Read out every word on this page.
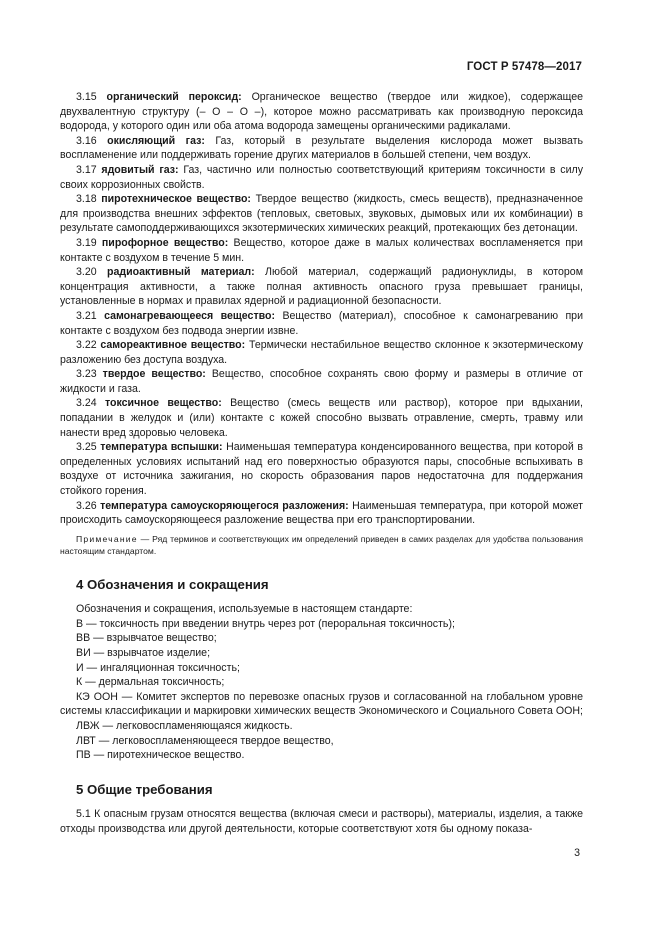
ГОСТ Р 57478—2017

3.15 органический пероксид: Органическое вещество (твердое или жидкое), содержащее двухвалентную структуру (– O – O –), которое можно рассматривать как производную пероксида водорода, у которого один или оба атома водорода замещены органическими радикалами.

3.16 окисляющий газ: Газ, который в результате выделения кислорода может вызвать воспламенение или поддерживать горение других материалов в большей степени, чем воздух.

3.17 ядовитый газ: Газ, частично или полностью соответствующий критериям токсичности в силу своих коррозионных свойств.

3.18 пиротехническое вещество: Твердое вещество (жидкость, смесь веществ), предназначенное для производства внешних эффектов (тепловых, световых, звуковых, дымовых или их комбинации) в результате самоподдерживающихся экзотермических химических реакций, протекающих без детонации.

3.19 пирофорное вещество: Вещество, которое даже в малых количествах воспламеняется при контакте с воздухом в течение 5 мин.

3.20 радиоактивный материал: Любой материал, содержащий радионуклиды, в котором концентрация активности, а также полная активность опасного груза превышает границы, установленные в нормах и правилах ядерной и радиационной безопасности.

3.21 самонагревающееся вещество: Вещество (материал), способное к самонагреванию при контакте с воздухом без подвода энергии извне.

3.22 самореактивное вещество: Термически нестабильное вещество склонное к экзотермическому разложению без доступа воздуха.

3.23 твердое вещество: Вещество, способное сохранять свою форму и размеры в отличие от жидкости и газа.

3.24 токсичное вещество: Вещество (смесь веществ или раствор), которое при вдыхании, попадании в желудок и (или) контакте с кожей способно вызвать отравление, смерть, травму или нанести вред здоровью человека.

3.25 температура вспышки: Наименьшая температура конденсированного вещества, при которой в определенных условиях испытаний над его поверхностью образуются пары, способные вспыхивать в воздухе от источника зажигания, но скорость образования паров недостаточна для поддержания стойкого горения.

3.26 температура самоускоряющегося разложения: Наименьшая температура, при которой может происходить самоускоряющееся разложение вещества при его транспортировании.

Примечание — Ряд терминов и соответствующих им определений приведен в самих разделах для удобства пользования настоящим стандартом.

4 Обозначения и сокращения

Обозначения и сокращения, используемые в настоящем стандарте:

В — токсичность при введении внутрь через рот (пероральная токсичность);

ВВ — взрывчатое вещество;

ВИ — взрывчатое изделие;

И — ингаляционная токсичность;

К — дермальная токсичность;

КЭ ООН — Комитет экспертов по перевозке опасных грузов и согласованной на глобальном уровне системы классификации и маркировки химических веществ Экономического и Социального Совета ООН;

ЛВЖ — легковоспламеняющаяся жидкость.

ЛВТ — легковоспламеняющееся твердое вещество,

ПВ — пиротехническое вещество.

5 Общие требования

5.1 К опасным грузам относятся вещества (включая смеси и растворы), материалы, изделия, а также отходы производства или другой деятельности, которые соответствуют хотя бы одному показа-

3
